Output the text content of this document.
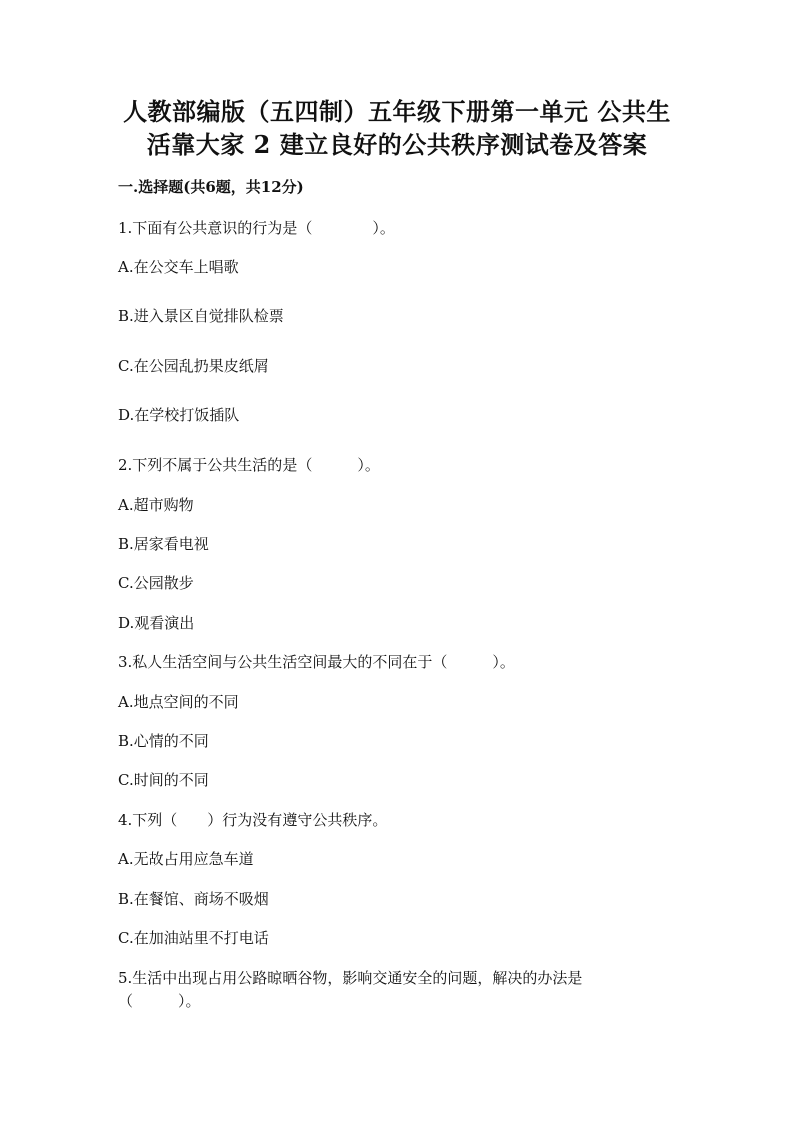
人教部编版（五四制）五年级下册第一单元 公共生
活靠大家 2 建立良好的公共秩序测试卷及答案
一.选择题(共6题，共12分)
1.下面有公共意识的行为是（　　　　）。
A.在公交车上唱歌
B.进入景区自觉排队检票
C.在公园乱扔果皮纸屑
D.在学校打饭插队
2.下列不属于公共生活的是（　　　）。
A.超市购物
B.居家看电视
C.公园散步
D.观看演出
3.私人生活空间与公共生活空间最大的不同在于（　　　）。
A.地点空间的不同
B.心情的不同
C.时间的不同
4.下列（　　）行为没有遵守公共秩序。
A.无故占用应急车道
B.在餐馆、商场不吸烟
C.在加油站里不打电话
5.生活中出现占用公路晾晒谷物，影响交通安全的问题，解决的办法是
（　　　）。
